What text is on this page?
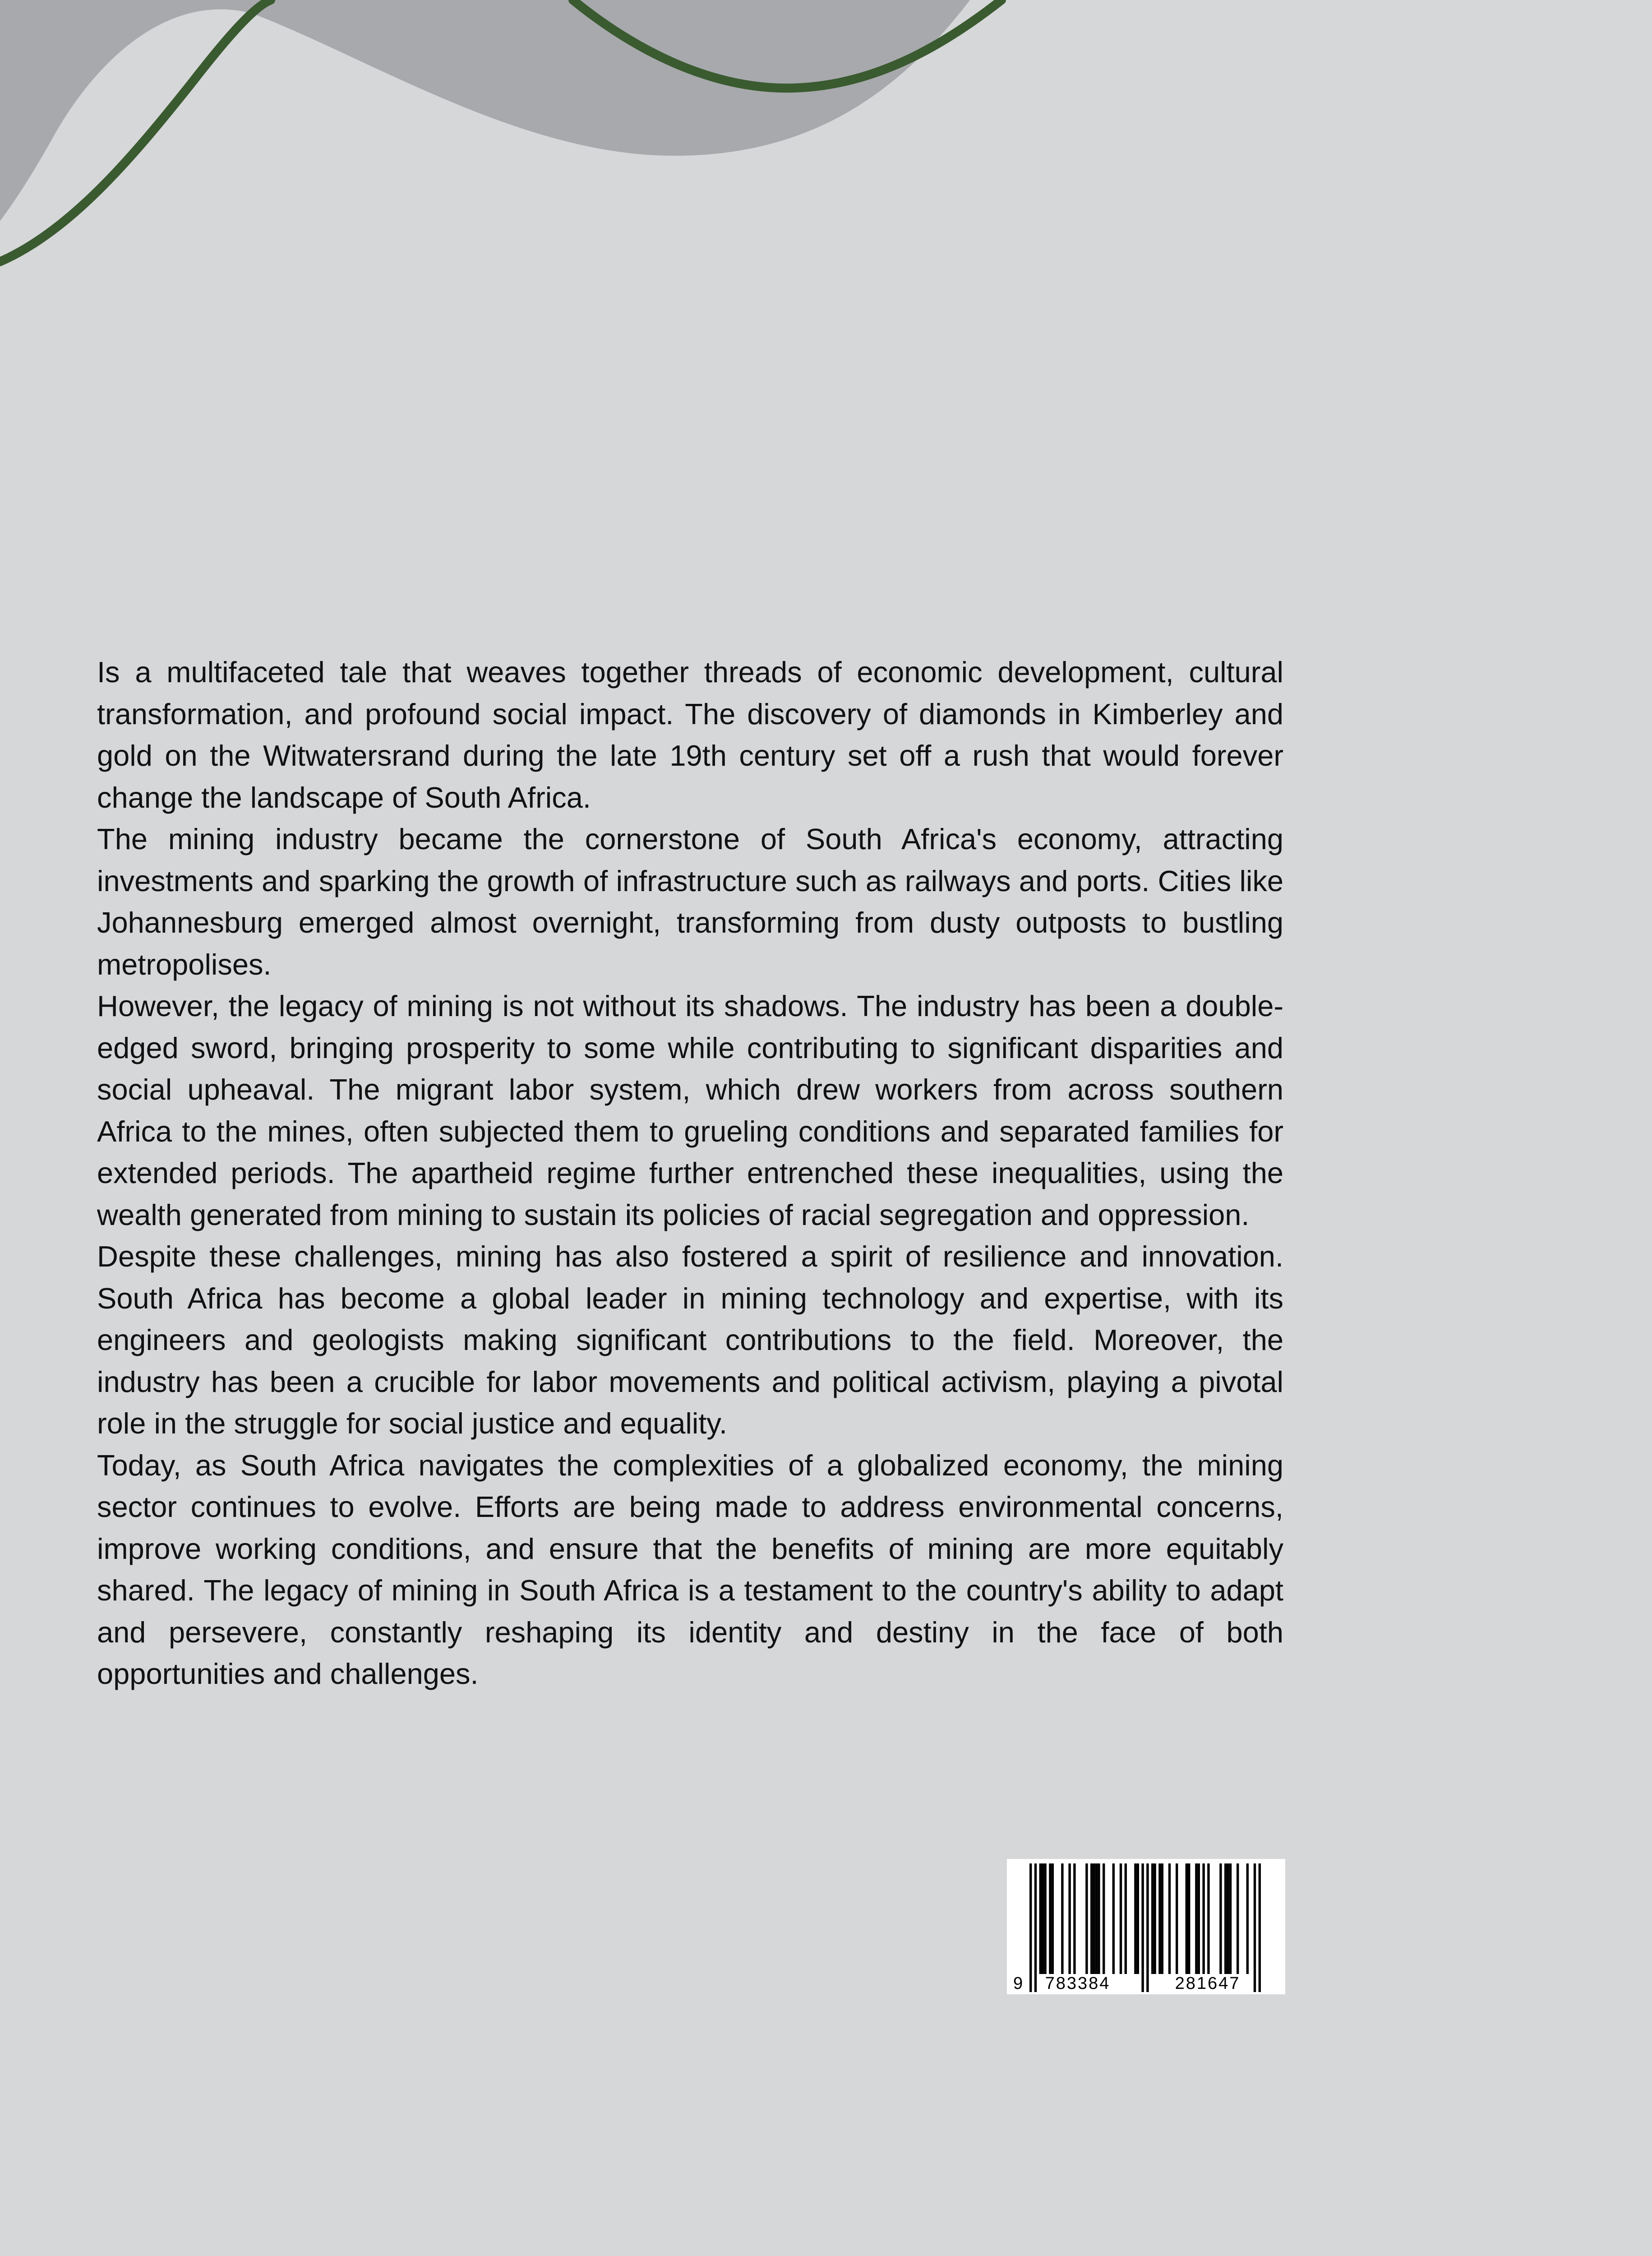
Is a multifaceted tale that weaves together threads of economic development, cultural transformation, and profound social impact. The discovery of diamonds in Kimberley and gold on the Witwatersrand during the late 19th century set off a rush that would forever change the landscape of South Africa.

The mining industry became the cornerstone of South Africa's economy, attracting investments and sparking the growth of infrastructure such as railways and ports. Cities like Johannesburg emerged almost overnight, transforming from dusty outposts to bustling metropolises.

However, the legacy of mining is not without its shadows. The industry has been a double-edged sword, bringing prosperity to some while contributing to significant disparities and social upheaval. The migrant labor system, which drew workers from across southern Africa to the mines, often subjected them to grueling conditions and separated families for extended periods. The apartheid regime further entrenched these inequalities, using the wealth generated from mining to sustain its policies of racial segregation and oppression.

Despite these challenges, mining has also fostered a spirit of resilience and innovation. South Africa has become a global leader in mining technology and expertise, with its engineers and geologists making significant contributions to the field. Moreover, the industry has been a crucible for labor movements and political activism, playing a pivotal role in the struggle for social justice and equality.

Today, as South Africa navigates the complexities of a globalized economy, the mining sector continues to evolve. Efforts are being made to address environmental concerns, improve working conditions, and ensure that the benefits of mining are more equitably shared. The legacy of mining in South Africa is a testament to the country's ability to adapt and persevere, constantly reshaping its identity and destiny in the face of both opportunities and challenges.

9 783384	281647
